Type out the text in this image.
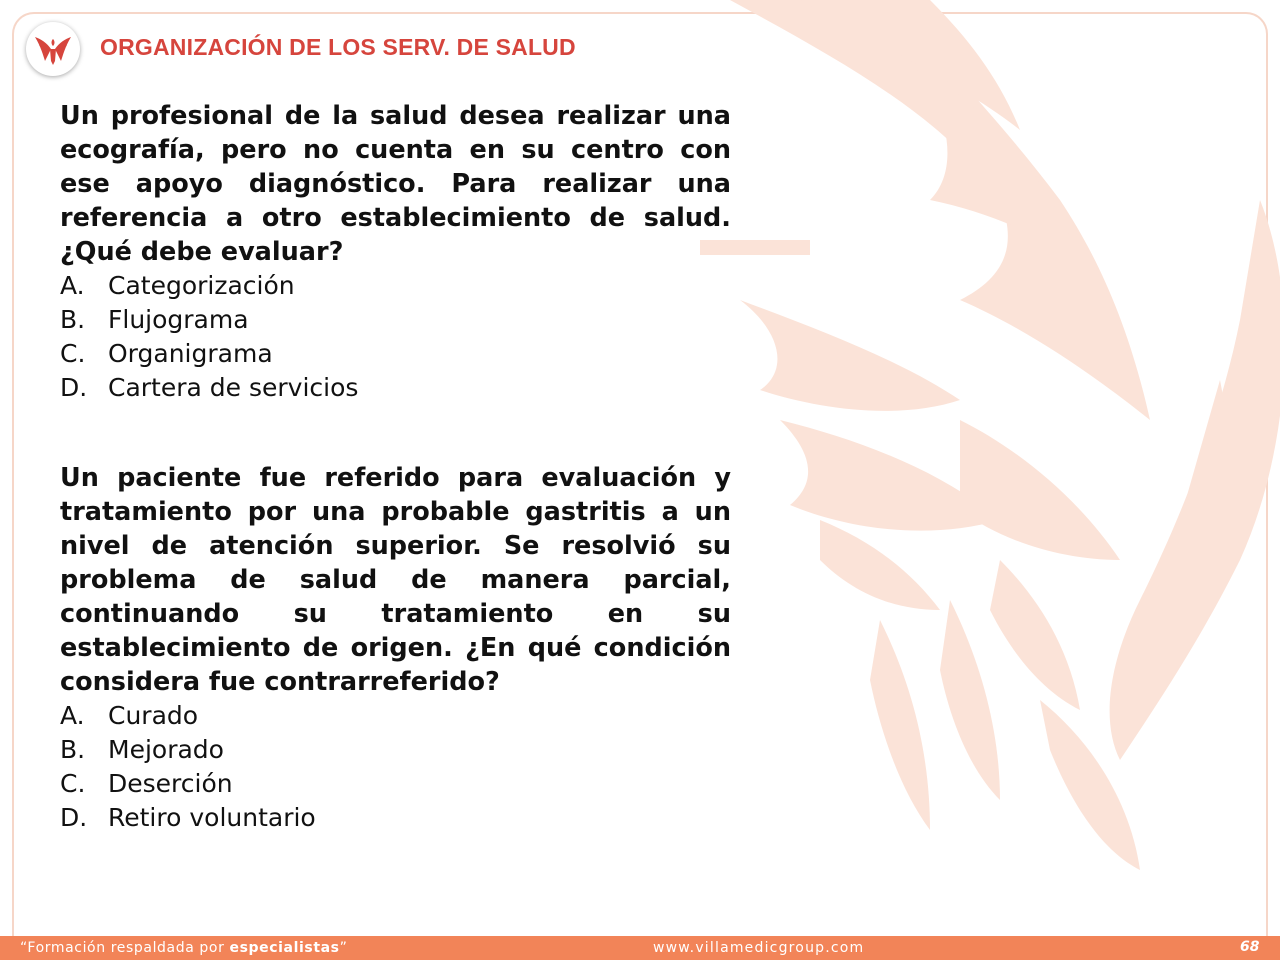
ORGANIZACIÓN DE LOS SERV. DE SALUD

Un profesional de la salud desea realizar una ecografía, pero no cuenta en su centro con ese apoyo diagnóstico. Para realizar una referencia a otro establecimiento de salud. ¿Qué debe evaluar?

A. Categorización
B. Flujograma
C. Organigrama
D. Cartera de servicios

Un paciente fue referido para evaluación y tratamiento por una probable gastritis a un nivel de atención superior. Se resolvió su problema de salud de manera parcial, continuando su tratamiento en su establecimiento de origen. ¿En qué condición considera fue contrarreferido?

A. Curado
B. Mejorado
C. Deserción
D. Retiro voluntario
“Formación respaldada por especialistas”	www.villamedicgroup.com	68
